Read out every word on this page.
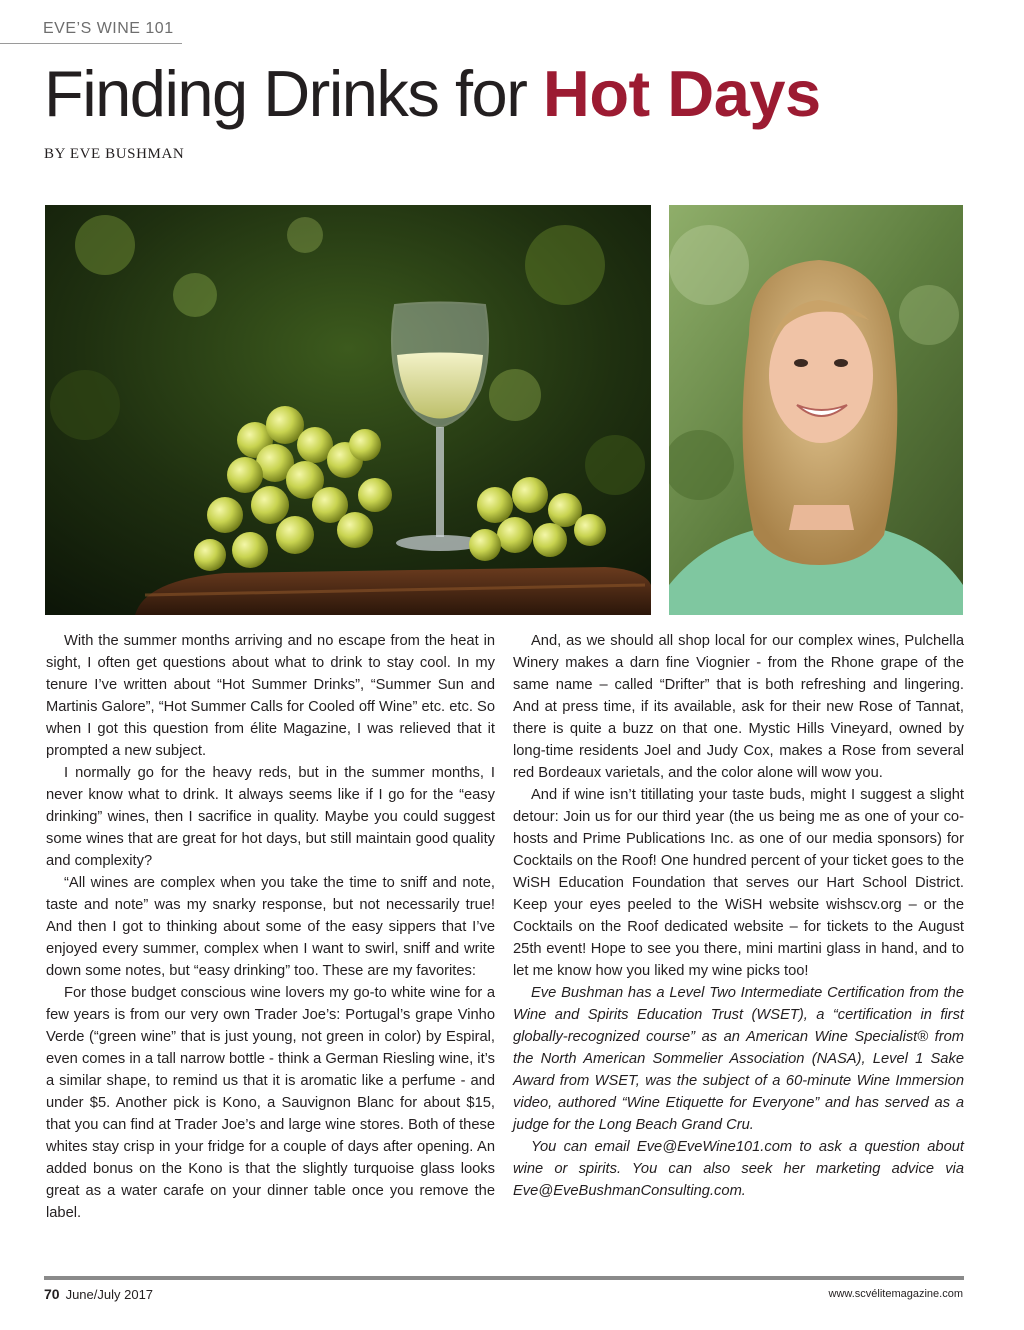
EVE’S WINE 101
Finding Drinks for Hot Days
BY EVE BUSHMAN

With the summer months arriving and no escape from the heat in sight, I often get questions about what to drink to stay cool. In my tenure I’ve written about “Hot Summer Drinks”, “Summer Sun and Martinis Galore”, “Hot Summer Calls for Cooled off Wine” etc. etc. So when I got this question from élite Magazine, I was relieved that it prompted a new subject.

I normally go for the heavy reds, but in the summer months, I never know what to drink. It always seems like if I go for the “easy drinking” wines, then I sacrifice in quality. Maybe you could suggest some wines that are great for hot days, but still maintain good quality and complexity?

“All wines are complex when you take the time to sniff and note, taste and note” was my snarky response, but not necessarily true! And then I got to thinking about some of the easy sippers that I’ve enjoyed every summer, complex when I want to swirl, sniff and write down some notes, but “easy drinking” too. These are my favorites:

For those budget conscious wine lovers my go-to white wine for a few years is from our very own Trader Joe’s: Portugal’s grape Vinho Verde (“green wine” that is just young, not green in color) by Espiral, even comes in a tall narrow bottle - think a German Riesling wine, it’s a similar shape, to remind us that it is aromatic like a perfume - and under $5. Another pick is Kono, a Sauvignon Blanc for about $15, that you can find at Trader Joe’s and large wine stores. Both of these whites stay crisp in your fridge for a couple of days after opening. An added bonus on the Kono is that the slightly turquoise glass looks great as a water carafe on your dinner table once you remove the label.

And, as we should all shop local for our complex wines, Pulchella Winery makes a darn fine Viognier - from the Rhone grape of the same name – called “Drifter” that is both refreshing and lingering. And at press time, if its available, ask for their new Rose of Tannat, there is quite a buzz on that one. Mystic Hills Vineyard, owned by long-time residents Joel and Judy Cox, makes a Rose from several red Bordeaux varietals, and the color alone will wow you.

And if wine isn’t titillating your taste buds, might I suggest a slight detour: Join us for our third year (the us being me as one of your co-hosts and Prime Publications Inc. as one of our media sponsors) for Cocktails on the Roof! One hundred percent of your ticket goes to the WiSH Education Foundation that serves our Hart School District. Keep your eyes peeled to the WiSH website wishscv.org – or the Cocktails on the Roof dedicated website – for tickets to the August 25th event! Hope to see you there, mini martini glass in hand, and to let me know how you liked my wine picks too!

Eve Bushman has a Level Two Intermediate Certification from the Wine and Spirits Education Trust (WSET), a “certification in first globally-recognized course” as an American Wine Specialist® from the North American Sommelier Association (NASA), Level 1 Sake Award from WSET, was the subject of a 60-minute Wine Immersion video, authored “Wine Etiquette for Everyone” and has served as a judge for the Long Beach Grand Cru.

You can email Eve@EveWine101.com to ask a question about wine or spirits. You can also seek her marketing advice via Eve@EveBushmanConsulting.com.

70 June/July 2017	www.scvélitemagazine.com
